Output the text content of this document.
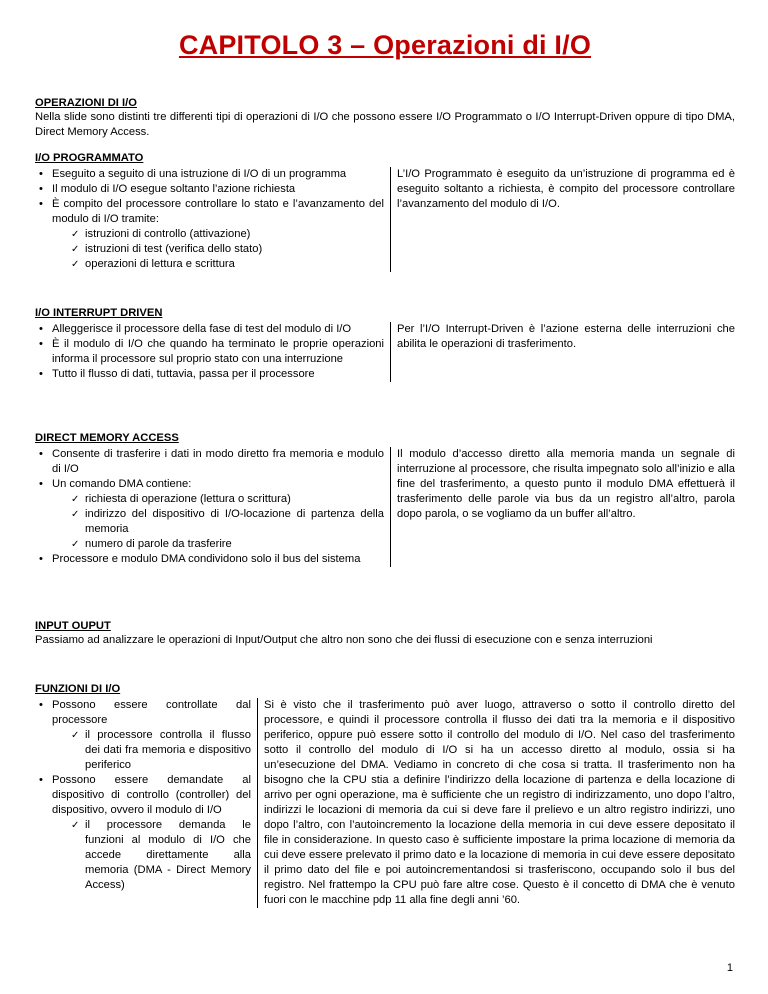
CAPITOLO 3 – Operazioni di I/O
OPERAZIONI DI I/O
Nella slide sono distinti tre differenti tipi di operazioni di I/O che possono essere I/O Programmato o I/O Interrupt-Driven oppure di tipo DMA, Direct Memory Access.
I/O PROGRAMMATO
• Eseguito a seguito di una istruzione di I/O di un programma
• Il modulo di I/O esegue soltanto l’azione richiesta
• È compito del processore controllare lo stato e l’avanzamento del modulo di I/O tramite:
✓ istruzioni di controllo (attivazione)
✓ istruzioni di test (verifica dello stato)
✓ operazioni di lettura e scrittura
L’I/O Programmato è eseguito da un’istruzione di programma ed è eseguito soltanto a richiesta, è compito del processore controllare l’avanzamento del modulo di I/O.
I/O INTERRUPT DRIVEN
• Alleggerisce il processore della fase di test del modulo di I/O
• È il modulo di I/O che quando ha terminato le proprie operazioni informa il processore sul proprio stato con una interruzione
• Tutto il flusso di dati, tuttavia, passa per il processore
Per l’I/O Interrupt-Driven è l’azione esterna delle interruzioni che abilita le operazioni di trasferimento.
DIRECT MEMORY ACCESS
• Consente di trasferire i dati in modo diretto fra memoria e modulo di I/O
• Un comando DMA contiene:
✓ richiesta di operazione (lettura o scrittura)
✓ indirizzo del dispositivo di I/O-locazione di partenza della memoria
✓ numero di parole da trasferire
• Processore e modulo DMA condividono solo il bus del sistema
Il modulo d’accesso diretto alla memoria manda un segnale di interruzione al processore, che risulta impegnato solo all’inizio e alla fine del trasferimento, a questo punto il modulo DMA effettuerà il trasferimento delle parole via bus da un registro all’altro, parola dopo parola, o se vogliamo da un buffer all’altro.
INPUT OUPUT
Passiamo ad analizzare le operazioni di Input/Output che altro non sono che dei flussi di esecuzione con e senza interruzioni
FUNZIONI DI I/O
• Possono essere controllate dal processore
✓ il processore controlla il flusso dei dati fra memoria e dispositivo periferico
• Possono essere demandate al dispositivo di controllo (controller) del dispositivo, ovvero il modulo di I/O
✓ il processore demanda le funzioni al modulo di I/O che accede direttamente alla memoria (DMA - Direct Memory Access)
Si è visto che il trasferimento può aver luogo, attraverso o sotto il controllo diretto del processore, e quindi il processore controlla il flusso dei dati tra la memoria e il dispositivo periferico, oppure può essere sotto il controllo del modulo di I/O. Nel caso del trasferimento sotto il controllo del modulo di I/O si ha un accesso diretto al modulo, ossia si ha un’esecuzione del DMA. Vediamo in concreto di che cosa si tratta. Il trasferimento non ha bisogno che la CPU stia a definire l’indirizzo della locazione di partenza e della locazione di arrivo per ogni operazione, ma è sufficiente che un registro di indirizzamento, uno dopo l’altro, indirizzi le locazioni di memoria da cui si deve fare il prelievo e un altro registro indirizzi, uno dopo l’altro, con l’autoincremento la locazione della memoria in cui deve essere depositato il file in considerazione. In questo caso è sufficiente impostare la prima locazione di memoria da cui deve essere prelevato il primo dato e la locazione di memoria in cui deve essere depositato il primo dato del file e poi autoincrementandosi si trasferiscono, occupando solo il bus del registro. Nel frattempo la CPU può fare altre cose. Questo è il concetto di DMA che è venuto fuori con le macchine pdp 11 alla fine degli anni ’60.
1
